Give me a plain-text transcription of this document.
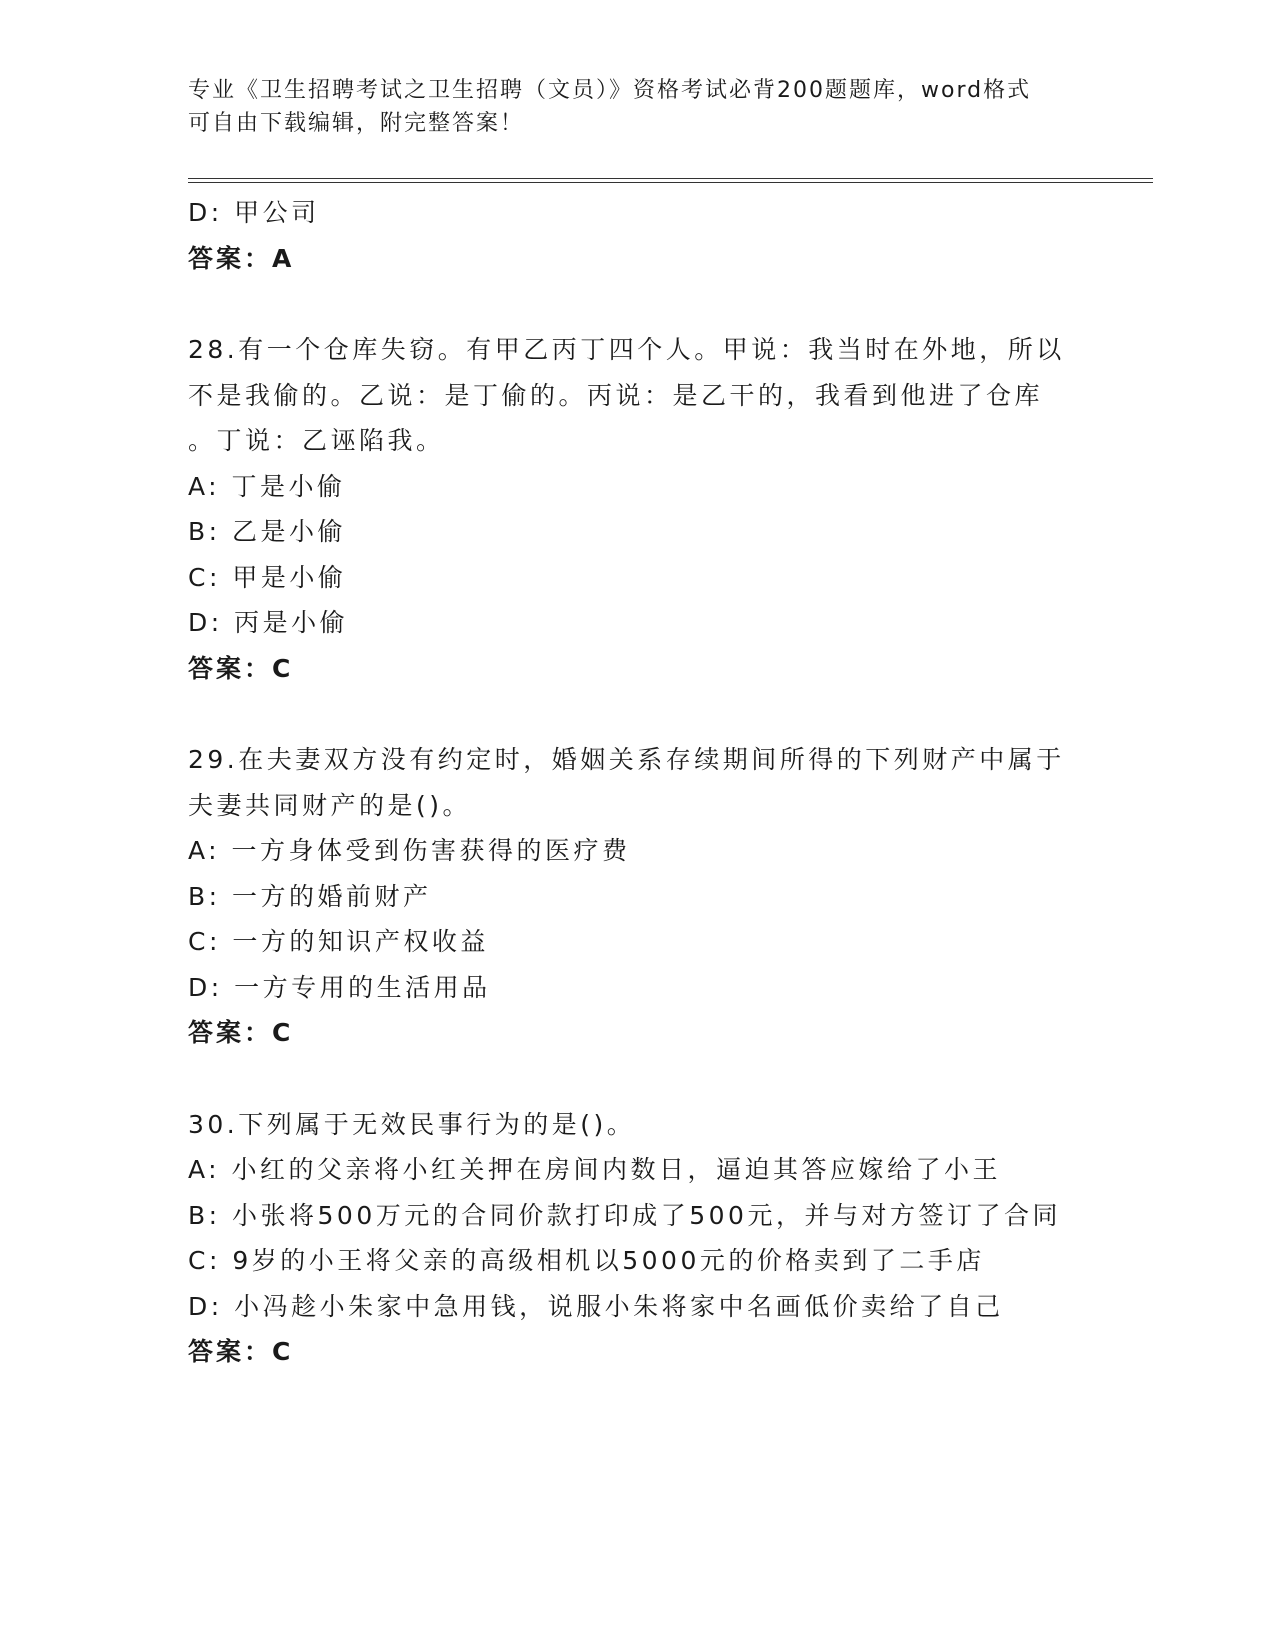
专业《卫生招聘考试之卫生招聘（文员）》资格考试必背200题题库，word格式
可自由下载编辑，附完整答案！
D: 甲公司
答案：A
28.有一个仓库失窃。有甲乙丙丁四个人。甲说：我当时在外地，所以
不是我偷的。乙说：是丁偷的。丙说：是乙干的，我看到他进了仓库
。丁说：乙诬陷我。
A: 丁是小偷
B: 乙是小偷
C: 甲是小偷
D: 丙是小偷
答案：C
29.在夫妻双方没有约定时，婚姻关系存续期间所得的下列财产中属于
夫妻共同财产的是()。
A: 一方身体受到伤害获得的医疗费
B: 一方的婚前财产
C: 一方的知识产权收益
D: 一方专用的生活用品
答案：C
30.下列属于无效民事行为的是()。
A: 小红的父亲将小红关押在房间内数日，逼迫其答应嫁给了小王
B: 小张将500万元的合同价款打印成了500元，并与对方签订了合同
C: 9岁的小王将父亲的高级相机以5000元的价格卖到了二手店
D: 小冯趁小朱家中急用钱，说服小朱将家中名画低价卖给了自己
答案：C
